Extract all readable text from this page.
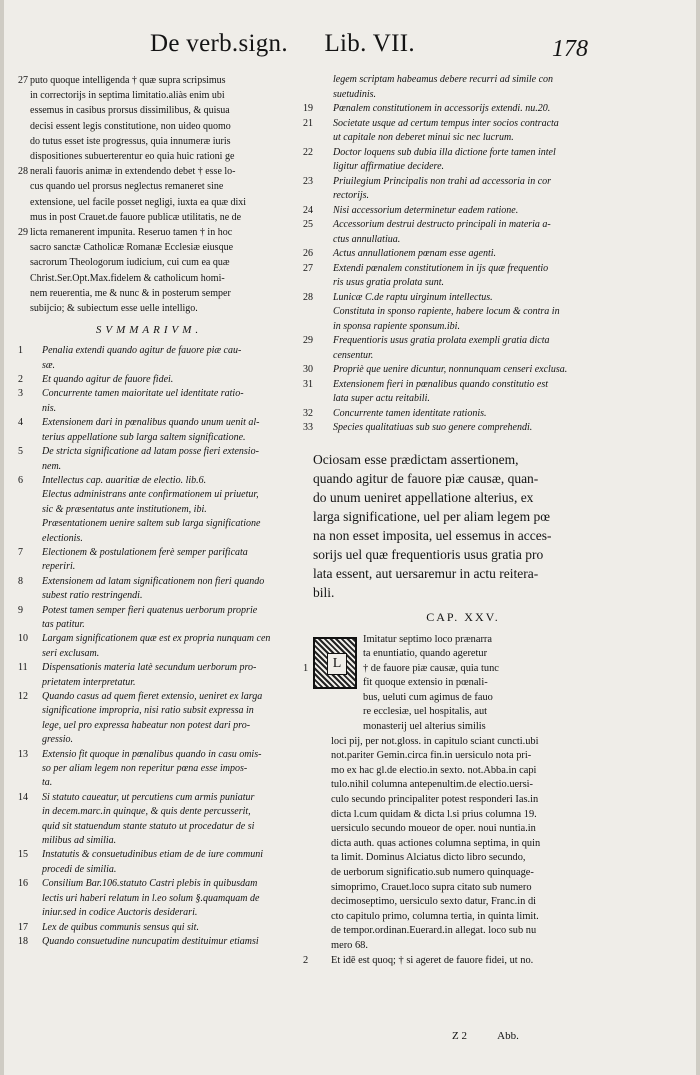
De verb.sign. Lib. VII.	178
27 puto quoque intelligenda † quæ supra scripsimus
in correctorijs in septima limitatio.aliàs enim ubi
essemus in casibus prorsus dissimilibus, & quisua
decisi essent legis constitutione, non uideo quomo
do tutus esset iste progressus, quia innumeræ iuris
dispositiones subuerterentur eo quia huic rationi ge
28 nerali fauoris animæ in extendendo debet † esse lo-
cus quando uel prorsus neglectus remaneret sine
extensione, uel facile posset negligi, iuxta ea quæ dixi
mus in post Crauet.de fauore publicæ utilitatis, ne de
29 licta remanerent impunita. Reseruo tamen † in hoc
sacro sanctæ Catholicæ Romanæ Ecclesiæ eiusque
sacrorum Theologorum iudicium, cui cum ea quæ
Christ.Ser.Opt.Max.fidelem & catholicum homi-
nem reuerentia, me & nunc & in posterum semper
subijcio; & subiectum esse uelle intelligo.
SVMMARIVM.
1	Penalia extendi quando agitur de fauore piæ cau-
sæ.
2	Et quando agitur de fauore fidei.
3	Concurrente tamen maioritate uel identitate ratio-
nis.
4	Extensionem dari in pœnalibus quando unum uenit al-
terius appellatione sub larga saltem significatione.
5	De stricta significatione ad latam posse fieri extensio-
nem.
6	Intellectus cap. auaritiæ de electio. lib.6.
Electus administrans ante confirmationem ui priuetur,
sic & præsentatus ante institutionem, ibi.
Præsentationem uenire saltem sub larga significatione
electionis.
7	Electionem & postulationem ferè semper parificata
reperiri.
8	Extensionem ad latam significationem non fieri quando
subest ratio restringendi.
9	Potest tamen semper fieri quatenus uerborum proprie
tas patitur.
10	Largam significationem quæ est ex propria nunquam cen
seri exclusam.
11	Dispensationis materia latè secundum uerborum pro-
prietatem interpretatur.
12	Quando casus ad quem fieret extensio, ueniret ex larga
significatione impropria, nisi ratio subsit expressa in
lege, uel pro expressa habeatur non potest dari pro-
gressio.
13	Extensio fit quoque in pœnalibus quando in casu omis-
so per aliam legem non reperitur pœna esse impos-
ta.
14	Si statuto caueatur, ut percutiens cum armis puniatur
in decem.marc.in quinque, & quis dente percusserit,
quid sit statuendum stante statuto ut procedatur de si
milibus ad similia.
15	Instatutis & consuetudinibus etiam de de iure communi
procedi de similia.
16	Consilium Bar.106.statuto Castri plebis in quibusdam
lectis uri haberi relatum in l.eo solum §.quamquam de
iniur.sed in codice Auctoris desiderari.
17	Lex de quibus communis sensus qui sit.
18	Quando consuetudine nuncupatim destituimur etiamsi
legem scriptam habeamus debere recurri ad simile con
suetudinis.
19	Pœnalem constitutionem in accessorijs extendi. nu.20.
21	Societate usque ad certum tempus inter socios contracta
ut capitale non deberet minui sic nec lucrum.
22	Doctor loquens sub dubia illa dictione forte tamen intel
ligitur affirmatiue decidere.
23	Priuilegium Principalis non trahi ad accessoria in cor
rectorijs.
24	Nisi accessorium determinetur eadem ratione.
25	Accessorium destrui destructo principali in materia a-
ctus annullatiua.
26	Actus annullationem pœnam esse agenti.
27	Extendi pœnalem constitutionem in ijs quæ frequentio
ris usus gratia prolata sunt.
28	Lunicæ C.de raptu uirginum intellectus.
Constituta in sponso rapiente, habere locum & contra in
in sponsa rapiente sponsum.ibi.
29	Frequentioris usus gratia prolata exempli gratia dicta
censentur.
30	Propriè que uenire dicuntur, nonnunquam censeri exclusa.
31	Extensionem fieri in pœnalibus quando constitutio est
lata super actu reitabili.
32	Concurrente tamen identitate rationis.
33	Species qualitatiuas sub suo genere comprehendi.
Ociosam esse prædictam assertionem,
quando agitur de fauore piæ causæ, quan-
do unum ueniret appellatione alterius, ex
larga significatione, uel per aliam legem pœ
na non esset imposita, uel essemus in acces-
sorijs uel quæ frequentioris usus gratia pro
lata essent, aut uersaremur in actu reitera-
bili.
CAP. XXV.
L
Imitatur septimo loco prænarra
ta enuntiatio, quando ageretur
1	† de fauore piæ causæ, quia tunc
fit quoque extensio in pœnali-
bus, ueluti cum agimus de fauo
re ecclesiæ, uel hospitalis, aut
monasterij uel alterius similis
loci pij, per not.gloss. in capitulo sciant cuncti.ubi
not.pariter Gemin.circa fin.in uersiculo nota pri-
mo ex hac gl.de electio.in sexto. not.Abba.in capi
tulo.nihil columna antepenultim.de electio.uersi-
culo secundo principaliter potest responderi Ias.in
dicta l.cum quidam & dicta l.si prius columna 19.
uersiculo secundo moueor de oper. noui nuntia.in
dicta auth. quas actiones columna septima, in quin
ta limit. Dominus Alciatus dicto libro secundo,
de uerborum significatio.sub numero quinquage-
simoprimo, Crauet.loco supra citato sub numero
decimoseptimo, uersiculo sexto datur, Franc.in di
cto capitulo primo, columna tertia, in quinta limit.
de tempor.ordinan.Euerard.in allegat. loco sub nu
mero 68.
2	Et idē est quoq; † si ageret de fauore fidei, ut no.
Z 2	Abb.
